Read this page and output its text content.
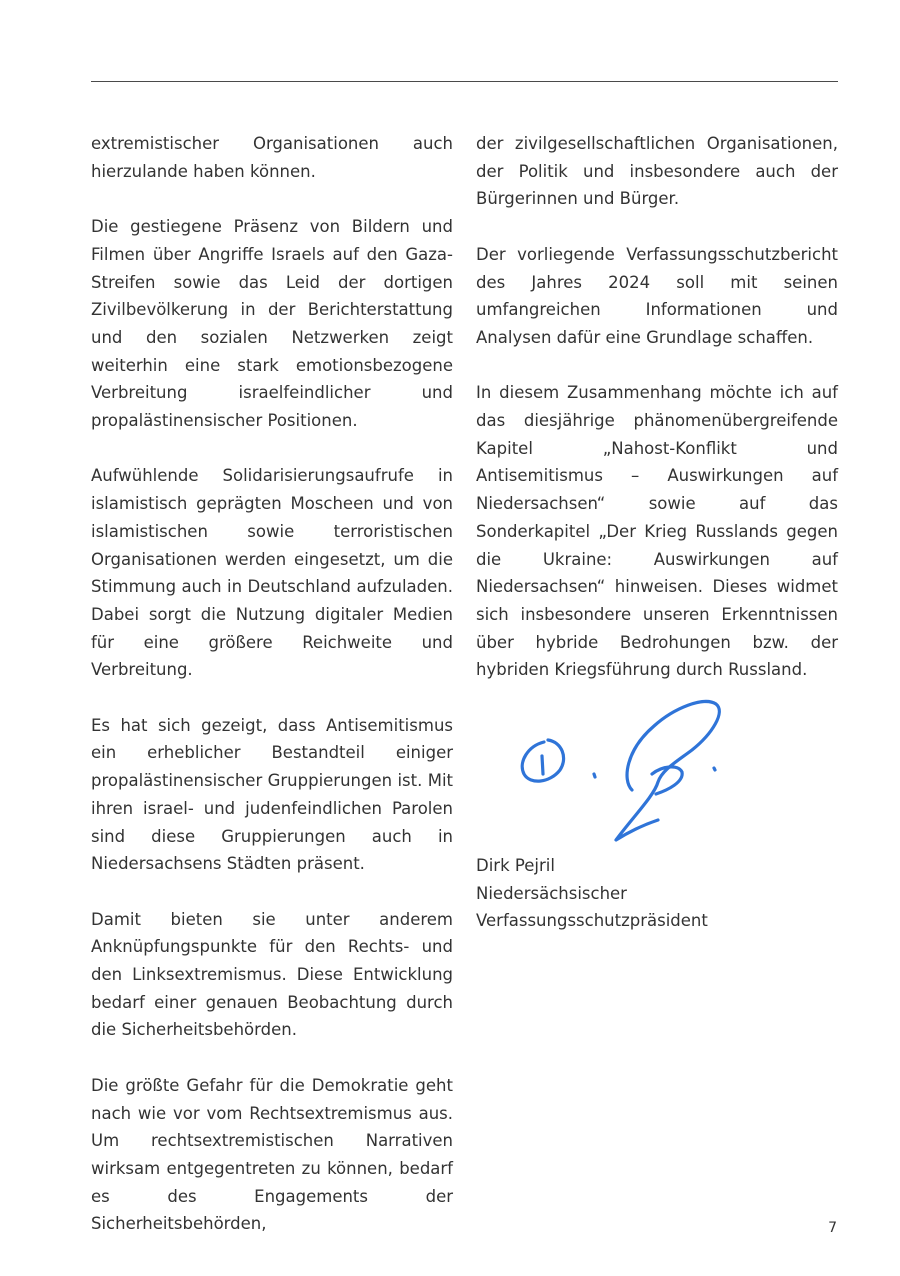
extremistischer Organisationen auch hierzulande haben können.

Die gestiegene Präsenz von Bildern und Filmen über Angriffe Israels auf den Gaza-Streifen sowie das Leid der dortigen Zivilbevölkerung in der Berichterstattung und den sozialen Netzwerken zeigt weiterhin eine stark emotionsbezogene Verbreitung israelfeindlicher und propalästinensischer Positionen.

Aufwühlende Solidarisierungsaufrufe in islamistisch geprägten Moscheen und von islamistischen sowie terroristischen Organisationen werden eingesetzt, um die Stimmung auch in Deutschland aufzuladen. Dabei sorgt die Nutzung digitaler Medien für eine größere Reichweite und Verbreitung.

Es hat sich gezeigt, dass Antisemitismus ein erheblicher Bestandteil einiger propalästinensischer Gruppierungen ist. Mit ihren israel- und judenfeindlichen Parolen sind diese Gruppierungen auch in Niedersachsens Städten präsent.

Damit bieten sie unter anderem Anknüpfungspunkte für den Rechts- und den Linksextremismus. Diese Entwicklung bedarf einer genauen Beobachtung durch die Sicherheitsbehörden.

Die größte Gefahr für die Demokratie geht nach wie vor vom Rechtsextremismus aus. Um rechtsextremistischen Narrativen wirksam entgegentreten zu können, bedarf es des Engagements der Sicherheitsbehörden,

der zivilgesellschaftlichen Organisationen, der Politik und insbesondere auch der Bürgerinnen und Bürger.

Der vorliegende Verfassungsschutzbericht des Jahres 2024 soll mit seinen umfangreichen Informationen und Analysen dafür eine Grundlage schaffen.

In diesem Zusammenhang möchte ich auf das diesjährige phänomenübergreifende Kapitel „Nahost-Konflikt und Antisemitismus – Auswirkungen auf Niedersachsen“ sowie auf das Sonderkapitel „Der Krieg Russlands gegen die Ukraine: Auswirkungen auf Niedersachsen“ hinweisen. Dieses widmet sich insbesondere unseren Erkenntnissen über hybride Bedrohungen bzw. der hybriden Kriegsführung durch Russland.

Dirk Pejril
Niedersächsischer
Verfassungsschutzpräsident
7
